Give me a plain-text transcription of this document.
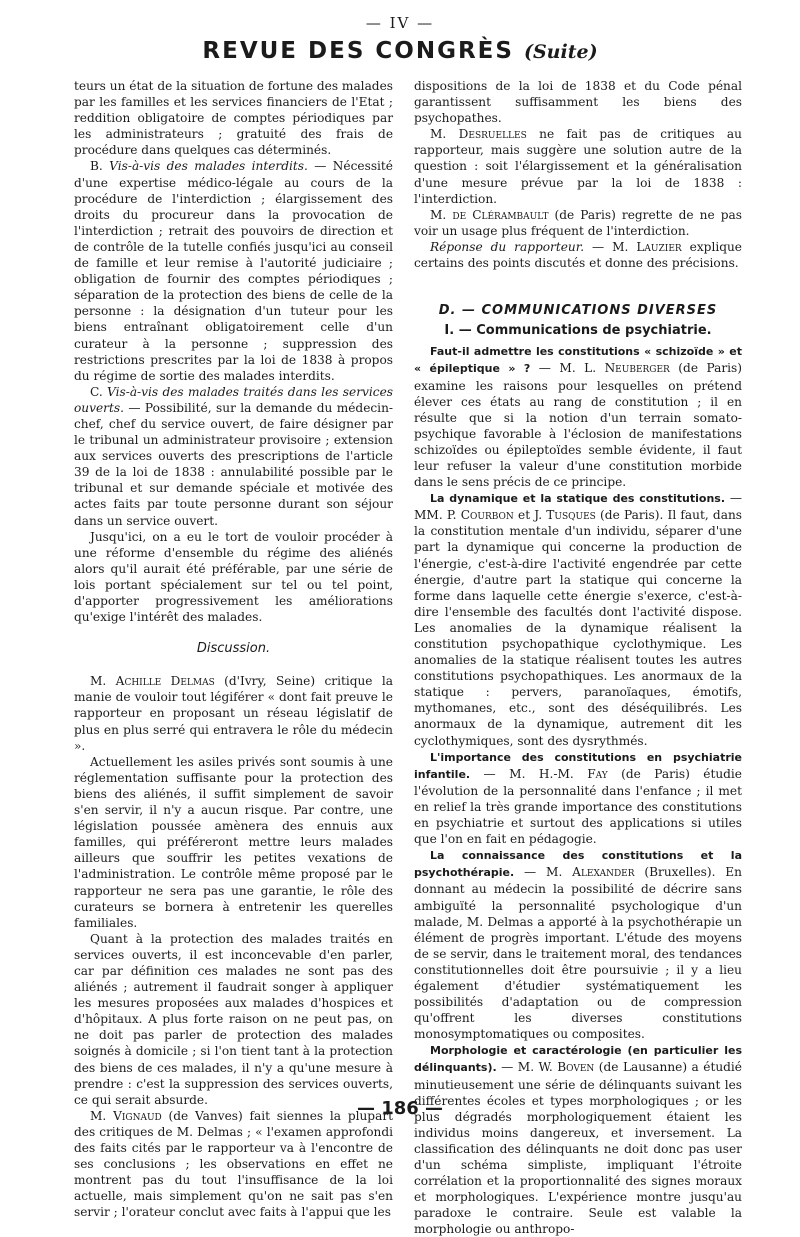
— IV —
REVUE DES CONGRÈS (Suite)

teurs un état de la situation de fortune des malades par les familles et les services financiers de l'Etat ; reddition obligatoire de comptes périodiques par les administrateurs ; gratuité des frais de procédure dans quelques cas déterminés.

B. Vis-à-vis des malades interdits. — Nécessité d'une expertise médico-légale au cours de la procédure de l'interdiction ; élargissement des droits du procureur dans la provocation de l'interdiction ; retrait des pouvoirs de direction et de contrôle de la tutelle confiés jusqu'ici au conseil de famille et leur remise à l'autorité judiciaire ; obligation de fournir des comptes périodiques ; séparation de la protection des biens de celle de la personne : la désignation d'un tuteur pour les biens entraînant obligatoirement celle d'un curateur à la personne ; suppression des restrictions prescrites par la loi de 1838 à propos du régime de sortie des malades interdits.

C. Vis-à-vis des malades traités dans les services ouverts. — Possibilité, sur la demande du médecin-chef, chef du service ouvert, de faire désigner par le tribunal un administrateur provisoire ; extension aux services ouverts des prescriptions de l'article 39 de la loi de 1838 : annulabilité possible par le tribunal et sur demande spéciale et motivée des actes faits par toute personne durant son séjour dans un service ouvert.

Jusqu'ici, on a eu le tort de vouloir procéder à une réforme d'ensemble du régime des aliénés alors qu'il aurait été préférable, par une série de lois portant spécialement sur tel ou tel point, d'apporter progressivement les améliorations qu'exige l'intérêt des malades.

Discussion.

M. Achille Delmas (d'Ivry, Seine) critique la manie de vouloir tout légiférer « dont fait preuve le rapporteur en proposant un réseau législatif de plus en plus serré qui entravera le rôle du médecin ».

Actuellement les asiles privés sont soumis à une réglementation suffisante pour la protection des biens des aliénés, il suffit simplement de savoir s'en servir, il n'y a aucun risque. Par contre, une législation poussée amènera des ennuis aux familles, qui préféreront mettre leurs malades ailleurs que souffrir les petites vexations de l'administration. Le contrôle même proposé par le rapporteur ne sera pas une garantie, le rôle des curateurs se bornera à entretenir les querelles familiales.

Quant à la protection des malades traités en services ouverts, il est inconcevable d'en parler, car par définition ces malades ne sont pas des aliénés ; autrement il faudrait songer à appliquer les mesures proposées aux malades d'hospices et d'hôpitaux. A plus forte raison on ne peut pas, on ne doit pas parler de protection des malades soignés à domicile ; si l'on tient tant à la protection des biens de ces malades, il n'y a qu'une mesure à prendre : c'est la suppression des services ouverts, ce qui serait absurde.

M. Vignaud (de Vanves) fait siennes la plupart des critiques de M. Delmas ; « l'examen approfondi des faits cités par le rapporteur va à l'encontre de ses conclusions ; les observations en effet ne montrent pas du tout l'insuffisance de la loi actuelle, mais simplement qu'on ne sait pas s'en servir ; l'orateur conclut avec faits à l'appui que les

dispositions de la loi de 1838 et du Code pénal garantissent suffisamment les biens des psychopathes.

M. Desruelles ne fait pas de critiques au rapporteur, mais suggère une solution autre de la question : soit l'élargissement et la généralisation d'une mesure prévue par la loi de 1838 : l'interdiction.

M. de Clérambault (de Paris) regrette de ne pas voir un usage plus fréquent de l'interdiction.

Réponse du rapporteur. — M. Lauzier explique certains des points discutés et donne des précisions.

D. — COMMUNICATIONS DIVERSES

I. — Communications de psychiatrie.

Faut-il admettre les constitutions « schizoïde » et « épileptique » ? — M. L. Neuberger (de Paris) examine les raisons pour lesquelles on prétend élever ces états au rang de constitution ; il en résulte que si la notion d'un terrain somato-psychique favorable à l'éclosion de manifestations schizoïdes ou épileptoïdes semble évidente, il faut leur refuser la valeur d'une constitution morbide dans le sens précis de ce principe.

La dynamique et la statique des constitutions. — MM. P. Courbon et J. Tusques (de Paris). Il faut, dans la constitution mentale d'un individu, séparer d'une part la dynamique qui concerne la production de l'énergie, c'est-à-dire l'activité engendrée par cette énergie, d'autre part la statique qui concerne la forme dans laquelle cette énergie s'exerce, c'est-à-dire l'ensemble des facultés dont l'activité dispose. Les anomalies de la dynamique réalisent la constitution psychopathique cyclothymique. Les anomalies de la statique réalisent toutes les autres constitutions psychopathiques. Les anormaux de la statique : pervers, paranoïaques, émotifs, mythomanes, etc., sont des déséquilibrés. Les anormaux de la dynamique, autrement dit les cyclothymiques, sont des dysrythmés.

L'importance des constitutions en psychiatrie infantile. — M. H.-M. Fay (de Paris) étudie l'évolution de la personnalité dans l'enfance ; il met en relief la très grande importance des constitutions en psychiatrie et surtout des applications si utiles que l'on en fait en pédagogie.

La connaissance des constitutions et la psychothérapie. — M. Alexander (Bruxelles). En donnant au médecin la possibilité de décrire sans ambiguïté la personnalité psychologique d'un malade, M. Delmas a apporté à la psychothérapie un élément de progrès important. L'étude des moyens de se servir, dans le traitement moral, des tendances constitutionnelles doit être poursuivie ; il y a lieu également d'étudier systématiquement les possibilités d'adaptation ou de compression qu'offrent les diverses constitutions monosymptomatiques ou composites.

Morphologie et caractérologie (en particulier les délinquants). — M. W. Boven (de Lausanne) a étudié minutieusement une série de délinquants suivant les différentes écoles et types morphologiques ; or les plus dégradés morphologiquement étaient les individus moins dangereux, et inversement. La classification des délinquants ne doit donc pas user d'un schéma simpliste, impliquant l'étroite corrélation et la proportionnalité des signes moraux et morphologiques. L'expérience montre jusqu'au paradoxe le contraire. Seule est valable la morphologie ou anthropo-

— 186 —
